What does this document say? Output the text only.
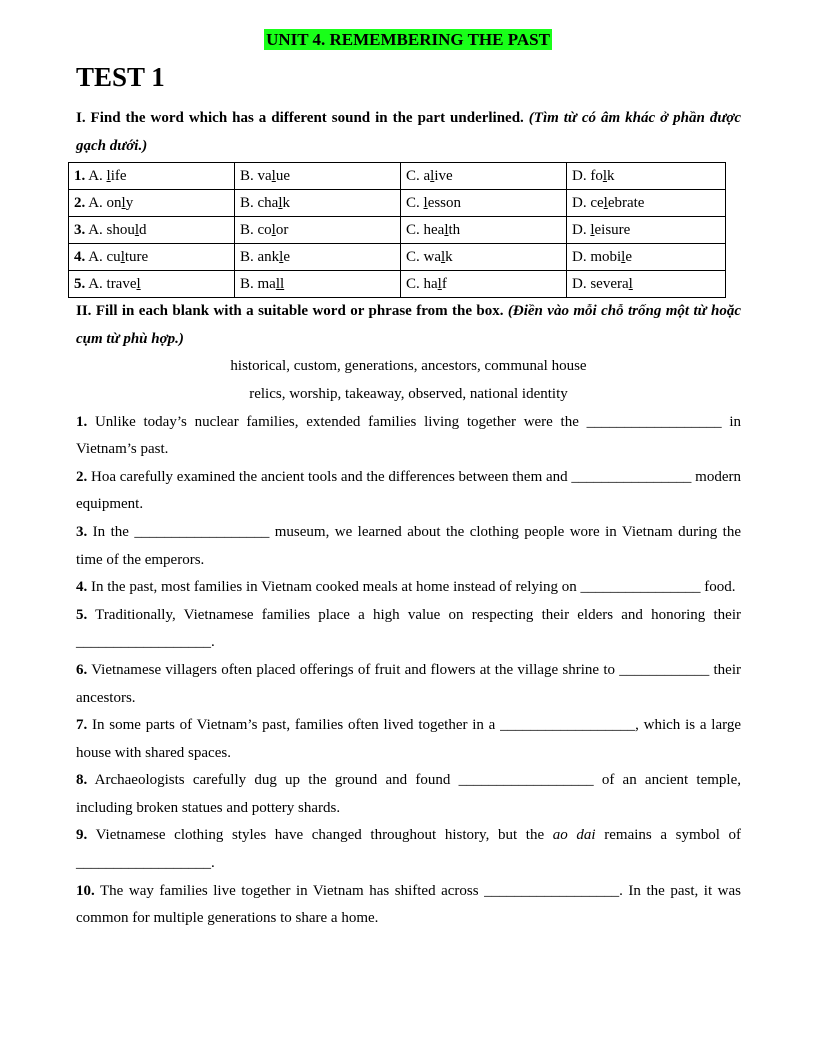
UNIT 4. REMEMBERING THE PAST
TEST 1

I. Find the word which has a different sound in the part underlined. (Tìm từ có âm khác ở phần được gạch dưới.)

1. A. life	B. value	C. alive	D. folk
2. A. only	B. chalk	C. lesson	D. celebrate
3. A. should	B. color	C. health	D. leisure
4. A. culture	B. ankle	C. walk	D. mobile
5. A. travel	B. mall	C. half	D. several

II. Fill in each blank with a suitable word or phrase from the box. (Điền vào mỗi chỗ trống một từ hoặc cụm từ phù hợp.)

historical, custom, generations, ancestors, communal house

relics, worship, takeaway, observed, national identity

1. Unlike today’s nuclear families, extended families living together were the __________________ in Vietnam’s past.

2. Hoa carefully examined the ancient tools and the differences between them and ________________ modern equipment.

3. In the __________________ museum, we learned about the clothing people wore in Vietnam during the time of the emperors.

4. In the past, most families in Vietnam cooked meals at home instead of relying on ________________ food.

5. Traditionally, Vietnamese families place a high value on respecting their elders and honoring their __________________.

6. Vietnamese villagers often placed offerings of fruit and flowers at the village shrine to ____________ their ancestors.

7. In some parts of Vietnam’s past, families often lived together in a __________________, which is a large house with shared spaces.

8. Archaeologists carefully dug up the ground and found __________________ of an ancient temple, including broken statues and pottery shards.

9. Vietnamese clothing styles have changed throughout history, but the ao dai remains a symbol of __________________.

10. The way families live together in Vietnam has shifted across __________________. In the past, it was common for multiple generations to share a home.
